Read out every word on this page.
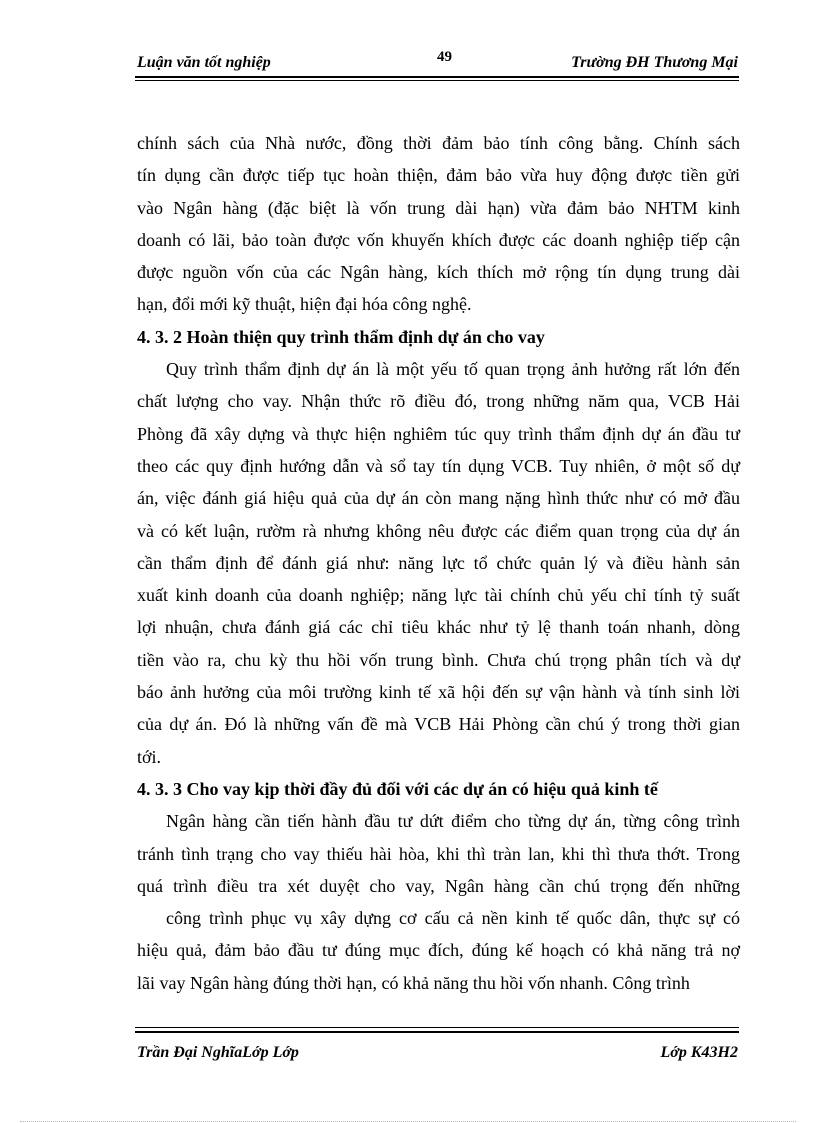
Luận văn tốt nghiệp	49	Trường ĐH Thương Mại

chính sách của Nhà nước, đồng thời đảm bảo tính công bằng. Chính sách

tín dụng cần được tiếp tục hoàn thiện, đảm bảo vừa huy động được tiền gửi

vào Ngân hàng (đặc biệt là vốn trung dài hạn) vừa đảm bảo NHTM kinh

doanh có lãi, bảo toàn được vốn khuyến khích được các doanh nghiệp tiếp cận

được nguồn vốn của các Ngân hàng, kích thích mở rộng tín dụng trung dài

hạn, đổi mới kỹ thuật, hiện đại hóa công nghệ.

4. 3. 2 Hoàn thiện quy trình thẩm định dự án cho vay

Quy trình thẩm định dự án là một yếu tố quan trọng ảnh hưởng rất lớn đến

chất lượng cho vay. Nhận thức rõ điều đó, trong những năm qua, VCB Hải

Phòng đã xây dựng và thực hiện nghiêm túc quy trình thẩm định dự án đầu tư

theo các quy định hướng dẫn và sổ tay tín dụng VCB. Tuy nhiên, ở một số dự

án, việc đánh giá hiệu quả của dự án còn mang nặng hình thức như có mở đầu

và có kết luận, rườm rà nhưng không nêu được các điểm quan trọng của dự án

cần thẩm định để đánh giá như: năng lực tổ chức quản lý và điều hành sản

xuất kinh doanh của doanh nghiệp; năng lực tài chính chủ yếu chỉ tính tỷ suất

lợi nhuận, chưa đánh giá các chỉ tiêu khác như tỷ lệ thanh toán nhanh, dòng

tiền vào ra, chu kỳ thu hồi vốn trung bình. Chưa chú trọng phân tích và dự

báo ảnh hưởng của môi trường kinh tế xã hội đến sự vận hành và tính sinh lời

của dự án. Đó là những vấn đề mà VCB Hải Phòng cần chú ý trong thời gian

tới.

4. 3. 3 Cho vay kịp thời đầy đủ đối với các dự án có hiệu quả kinh tế

Ngân hàng cần tiến hành đầu tư dứt điểm cho từng dự án, từng công trình

tránh tình trạng cho vay thiếu hài hòa, khi thì tràn lan, khi thì thưa thớt. Trong

quá trình điều tra xét duyệt cho vay, Ngân hàng cần chú trọng đến những

công trình phục vụ xây dựng cơ cấu cả nền kinh tế quốc dân, thực sự có

hiệu quả, đảm bảo đầu tư đúng mục đích, đúng kế hoạch có khả năng trả nợ

lãi vay Ngân hàng đúng thời hạn, có khả năng thu hồi vốn nhanh. Công trình

Trần Đại NghĩaLớp Lớp	Lớp K43H2
